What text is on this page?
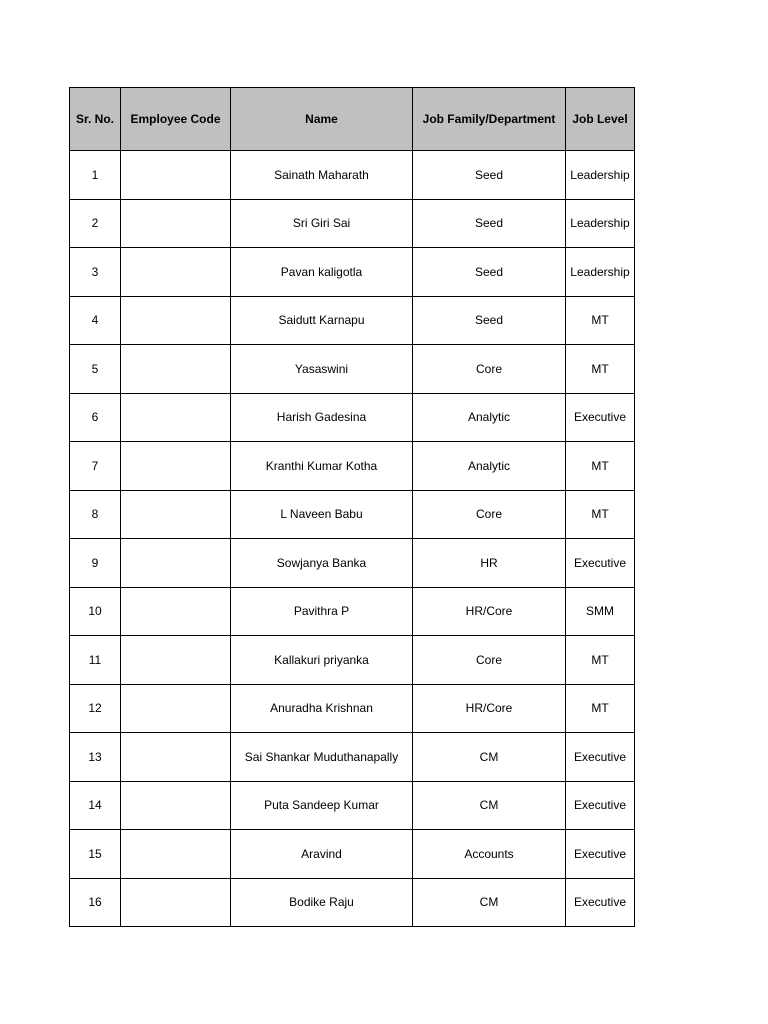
Sr. No.	Employee Code	Name	Job Family/Department	Job Level
1		Sainath Maharath	Seed	Leadership
2		Sri Giri Sai	Seed	Leadership
3		Pavan kaligotla	Seed	Leadership
4		Saidutt Karnapu	Seed	MT
5		Yasaswini	Core	MT
6		Harish Gadesina	Analytic	Executive
7		Kranthi Kumar Kotha	Analytic	MT
8		L Naveen Babu	Core	MT
9		Sowjanya Banka	HR	Executive
10		Pavithra P	HR/Core	SMM
11		Kallakuri priyanka	Core	MT
12		Anuradha Krishnan	HR/Core	MT
13		Sai Shankar Muduthanapally	CM	Executive
14		Puta Sandeep Kumar	CM	Executive
15		Aravind	Accounts	Executive
16		Bodike Raju	CM	Executive
